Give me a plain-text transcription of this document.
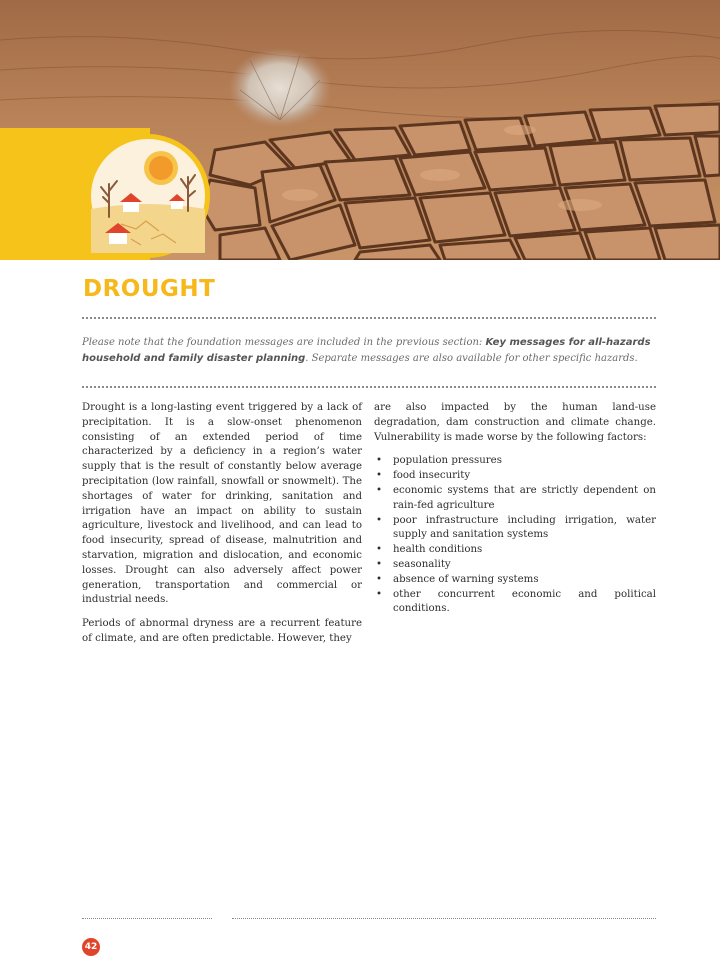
DROUGHT

Please note that the foundation messages are included in the previous section: Key messages for all-hazards household and family disaster planning. Separate messages are also available for other specific hazards.

Drought is a long-lasting event triggered by a lack of precipitation. It is a slow-onset phenomenon consisting of an extended period of time characterized by a deficiency in a region’s water supply that is the result of constantly below average precipitation (low rainfall, snowfall or snowmelt). The shortages of water for drinking, sanitation and irrigation have an impact on ability to sustain agriculture, livestock and livelihood, and can lead to food insecurity, spread of disease, malnutrition and starvation, migration and dislocation, and economic losses. Drought can also adversely affect power generation, transportation and commercial or industrial needs.

Periods of abnormal dryness are a recurrent feature of climate, and are often predictable. However, they

are also impacted by the human land-use degradation, dam construction and climate change. Vulnerability is made worse by the following factors:

• population pressures
• food insecurity
• economic systems that are strictly dependent on rain-fed agriculture
• poor infrastructure including irrigation, water supply and sanitation systems
• health conditions
• seasonality
• absence of warning systems
• other concurrent economic and political conditions.
42
